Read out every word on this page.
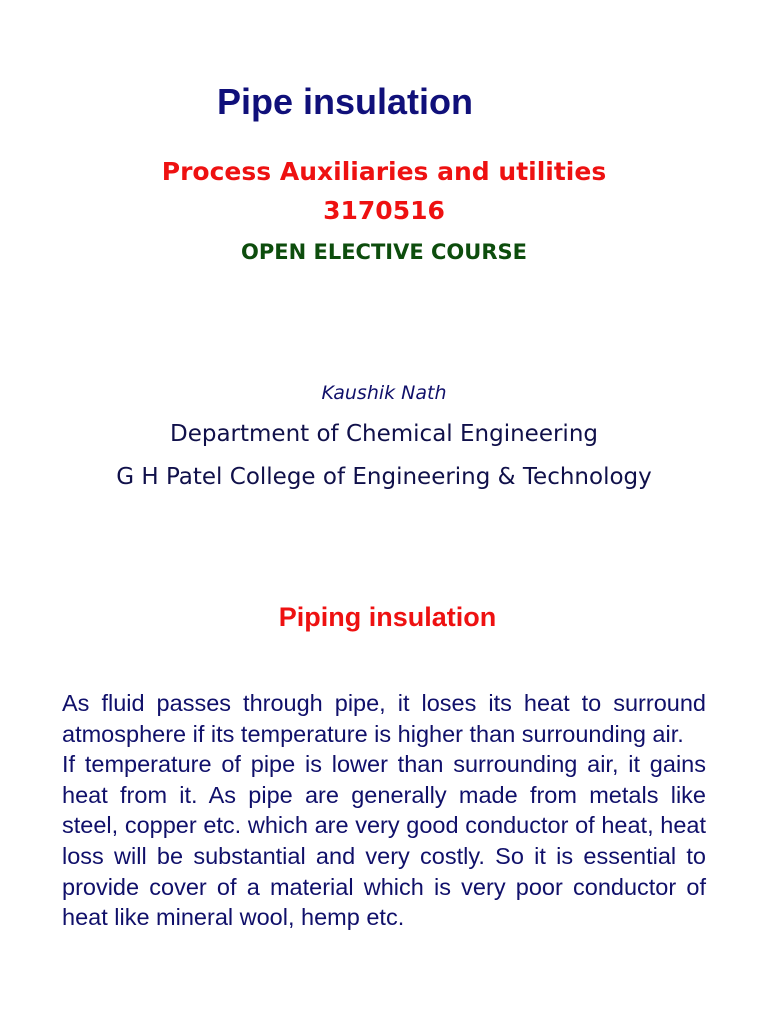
Pipe insulation
Process Auxiliaries and utilities
3170516
OPEN ELECTIVE COURSE
Kaushik Nath
Department of Chemical Engineering
G H Patel College of Engineering & Technology
Piping insulation

As fluid passes through pipe, it loses its heat to surround atmosphere if its temperature is higher than surrounding air.

If temperature of pipe is lower than surrounding air, it gains heat from it. As pipe are generally made from metals like steel, copper etc. which are very good conductor of heat, heat loss will be substantial and very costly. So it is essential to provide cover of a material which is very poor conductor of heat like mineral wool, hemp etc.
